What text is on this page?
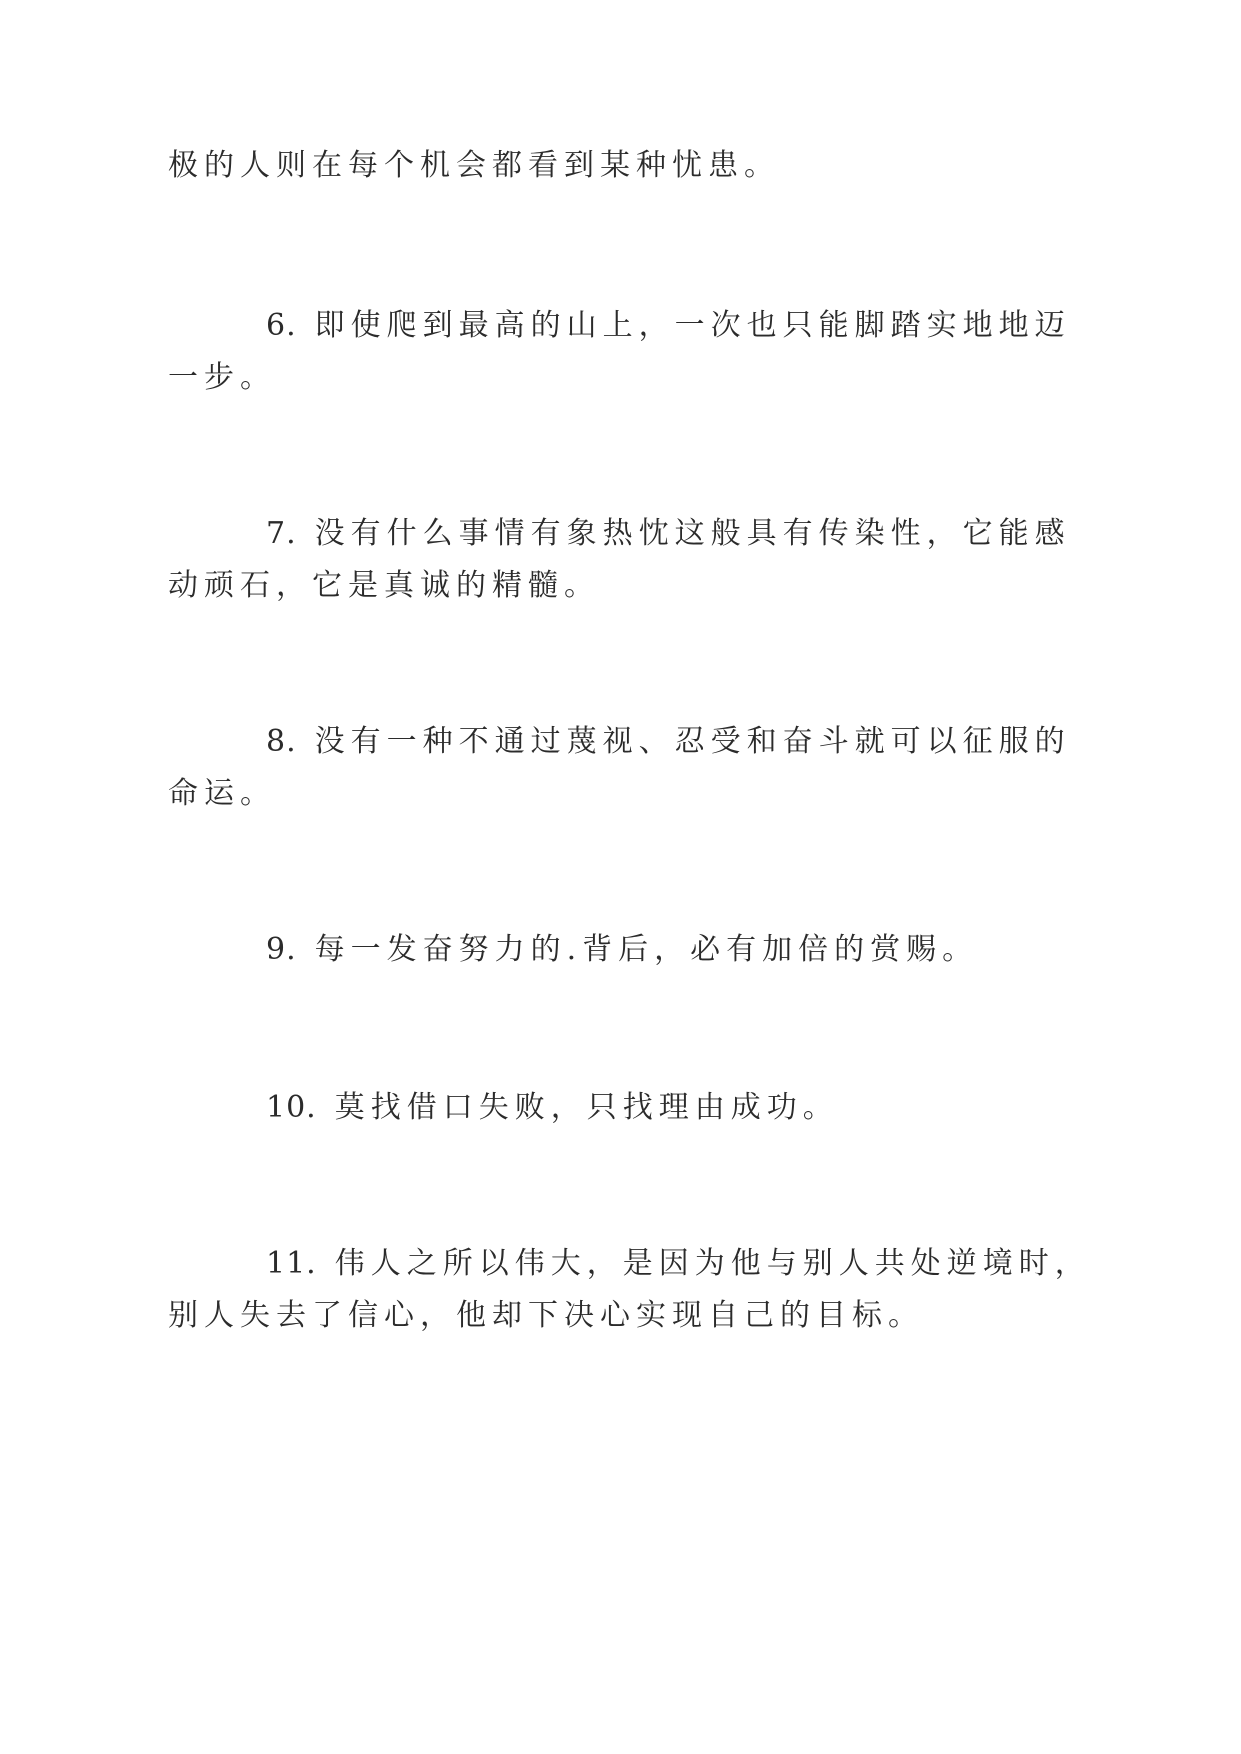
极的人则在每个机会都看到某种忧患。

6. 即使爬到最高的山上，一次也只能脚踏实地地迈

一步。

7. 没有什么事情有象热忱这般具有传染性，它能感

动顽石，它是真诚的精髓。

8. 没有一种不通过蔑视、忍受和奋斗就可以征服的

命运。

9. 每一发奋努力的.背后，必有加倍的赏赐。

10. 莫找借口失败，只找理由成功。

11. 伟人之所以伟大，是因为他与别人共处逆境时，

别人失去了信心，他却下决心实现自己的目标。
